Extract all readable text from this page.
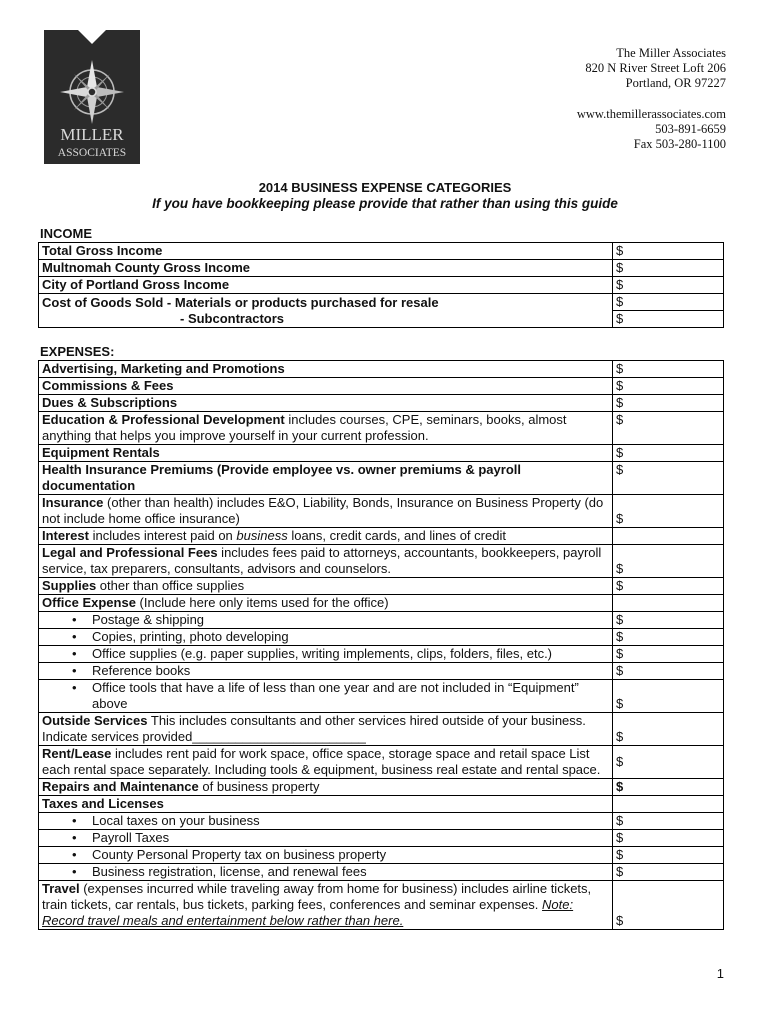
MILLER
ASSOCIATES
The Miller Associates
820 N River Street Loft 206
Portland, OR 97227
www.themillerassociates.com
503-891-6659
Fax 503-280-1100
2014 BUSINESS EXPENSE CATEGORIES
If you have bookkeeping please provide that rather than using this guide
INCOME
Total Gross Income	$
Multnomah County Gross Income	$
City of Portland Gross Income	$
Cost of Goods Sold - Materials or products purchased for resale	$
- Subcontractors	$
EXPENSES:
Advertising, Marketing and Promotions	$
Commissions & Fees	$
Dues & Subscriptions	$
Education & Professional Development includes courses, CPE, seminars, books, almost anything that helps you improve yourself in your current profession.	$
Equipment Rentals	$
Health Insurance Premiums (Provide employee vs. owner premiums & payroll documentation	$
Insurance (other than health) includes E&O, Liability, Bonds, Insurance on Business Property (do not include home office insurance)	$
Interest includes interest paid on business loans, credit cards, and lines of credit	
Legal and Professional Fees includes fees paid to attorneys, accountants, bookkeepers, payroll service, tax preparers, consultants, advisors and counselors.	$
Supplies other than office supplies	$
Office Expense (Include here only items used for the office)	

• Postage & shipping	$

• Copies, printing, photo developing	$

• Office supplies (e.g. paper supplies, writing implements, clips, folders, files, etc.)	$

• Reference books	$

• Office tools that have a life of less than one year and are not included in “Equipment” above	$
Outside Services This includes consultants and other services hired outside of your business. Indicate services provided________________________	$
Rent/Lease includes rent paid for work space, office space, storage space and retail space List each rental space separately. Including tools & equipment, business real estate and rental space.	$
Repairs and Maintenance of business property	$
Taxes and Licenses	

• Local taxes on your business	$

• Payroll Taxes	$

• County Personal Property tax on business property	$

• Business registration, license, and renewal fees	$
Travel (expenses incurred while traveling away from home for business) includes airline tickets, train tickets, car rentals, bus tickets, parking fees, conferences and seminar expenses. Note: Record travel meals and entertainment below rather than here.	$
1
